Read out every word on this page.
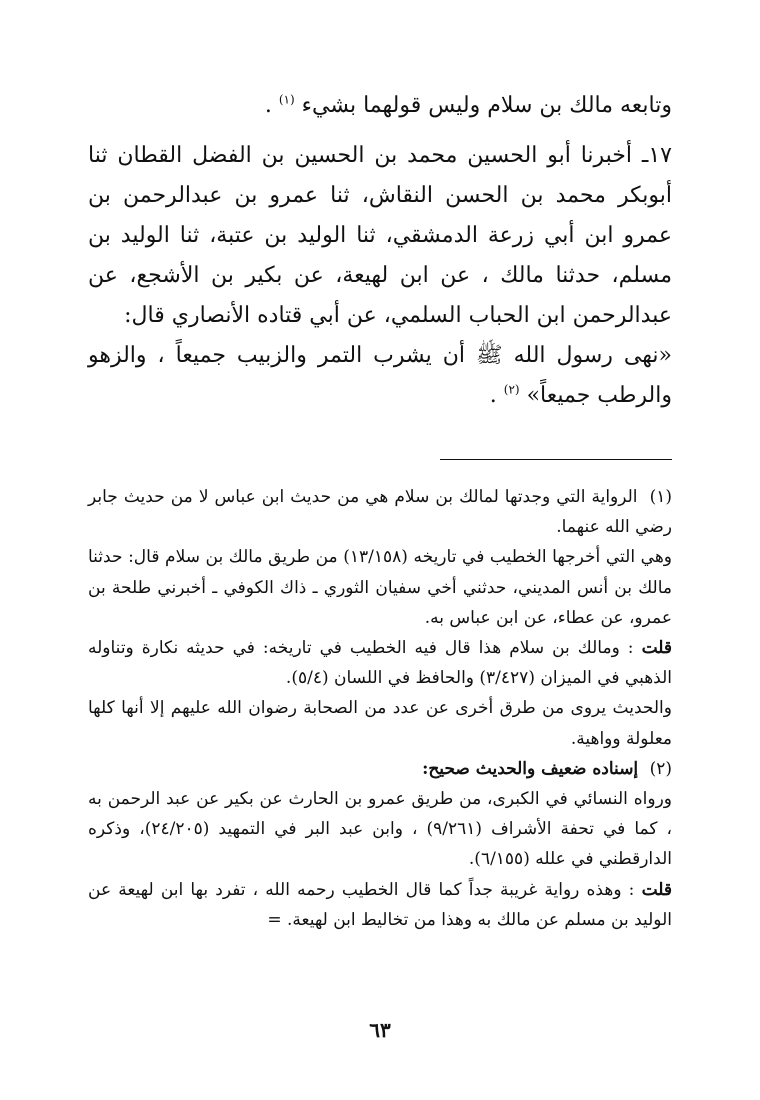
وتابعه مالك بن سلام وليس قولهما بشيء $^{(١)}$ .

١٧ـ أخبرنا أبو الحسين محمد بن الحسين بن الفضل القطان ثنا أبوبكر محمد بن الحسن النقاش، ثنا عمرو بن عبدالرحمن بن عمرو ابن أبي زرعة الدمشقي، ثنا الوليد بن عتبة، ثنا الوليد بن مسلم، حدثنا مالك ، عن ابن لهيعة، عن بكير بن الأشجع، عن عبدالرحمن ابن الحباب السلمي، عن أبي قتاده الأنصاري قال:

«نهى رسول الله ﷺ أن يشرب التمر والزبيب جميعاً ، والزهو والرطب جميعاً» $^{(٢)}$ .

(١) الرواية التي وجدتها لمالك بن سلام هي من حديث ابن عباس لا من حديث جابر رضي الله عنهما.

وهي التي أخرجها الخطيب في تاريخه (١٣/١٥٨) من طريق مالك بن سلام قال: حدثنا مالك بن أنس المديني، حدثني أخي سفيان الثوري ـ ذاك الكوفي ـ أخبرني طلحة بن عمرو، عن عطاء، عن ابن عباس به.

قلت : ومالك بن سلام هذا قال فيه الخطيب في تاريخه: في حديثه نكارة وتناوله الذهبي في الميزان (٣/٤٢٧) والحافظ في اللسان (٥/٤).

والحديث يروى من طرق أخرى عن عدد من الصحابة رضوان الله عليهم إلا أنها كلها معلولة وواهية.

(٢) إسناده ضعيف والحديث صحيح:

ورواه النسائي في الكبرى، من طريق عمرو بن الحارث عن بكير عن عبد الرحمن به ، كما في تحفة الأشراف (٩/٢٦١) ، وابن عبد البر في التمهيد (٢٤/٢٠٥)، وذكره الدارقطني في علله (٦/١٥٥).

قلت : وهذه رواية غريبة جداً كما قال الخطيب رحمه الله ، تفرد بها ابن لهيعة عن الوليد بن مسلم عن مالك به وهذا من تخاليط ابن لهيعة. =

٦٣
